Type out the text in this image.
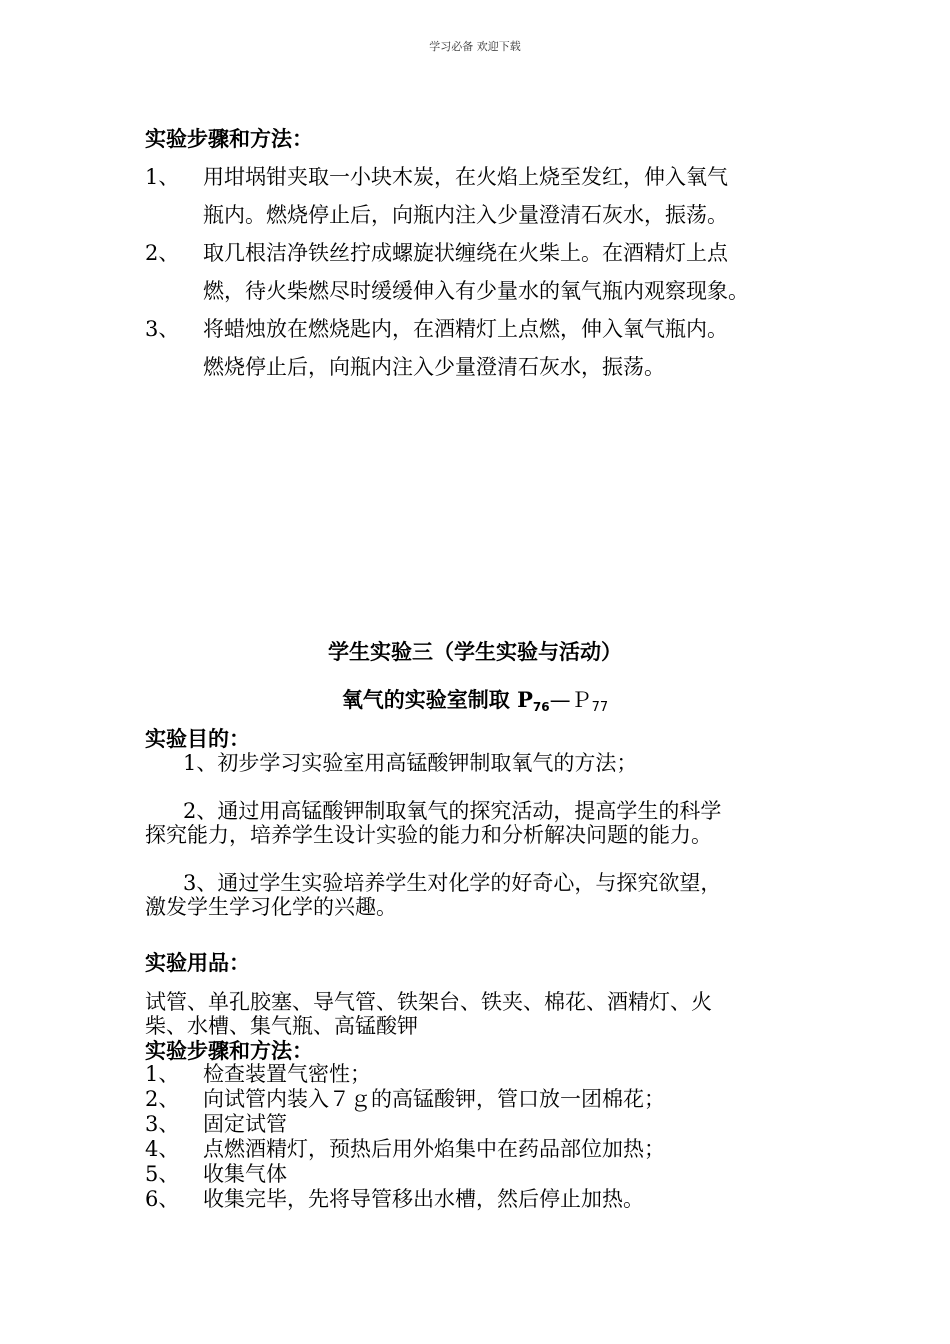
学习必备 欢迎下载
实验步骤和方法：
1、 用坩埚钳夹取一小块木炭，在火焰上烧至发红，伸入氧气
瓶内。燃烧停止后，向瓶内注入少量澄清石灰水，振荡。
2、 取几根洁净铁丝拧成螺旋状缠绕在火柴上。在酒精灯上点
燃，待火柴燃尽时缓缓伸入有少量水的氧气瓶内观察现象。
3、 将蜡烛放在燃烧匙内，在酒精灯上点燃，伸入氧气瓶内。
燃烧停止后，向瓶内注入少量澄清石灰水，振荡。
学生实验三（学生实验与活动）
氧气的实验室制取 $P_{76}—P77$
实验目的：
1、初步学习实验室用高锰酸钾制取氧气的方法；
2、通过用高锰酸钾制取氧气的探究活动，提高学生的科学
探究能力，培养学生设计实验的能力和分析解决问题的能力。
3、通过学生实验培养学生对化学的好奇心，与探究欲望，
激发学生学习化学的兴趣。
实验用品：
试管、单孔胶塞、导气管、铁架台、铁夹、棉花、酒精灯、火
柴、水槽、集气瓶、高锰酸钾
实验步骤和方法：
1、 检查装置气密性；
2、 向试管内装入７ｇ的高锰酸钾，管口放一团棉花；
3、 固定试管
4、 点燃酒精灯，预热后用外焰集中在药品部位加热；
5、 收集气体
6、 收集完毕，先将导管移出水槽，然后停止加热。
